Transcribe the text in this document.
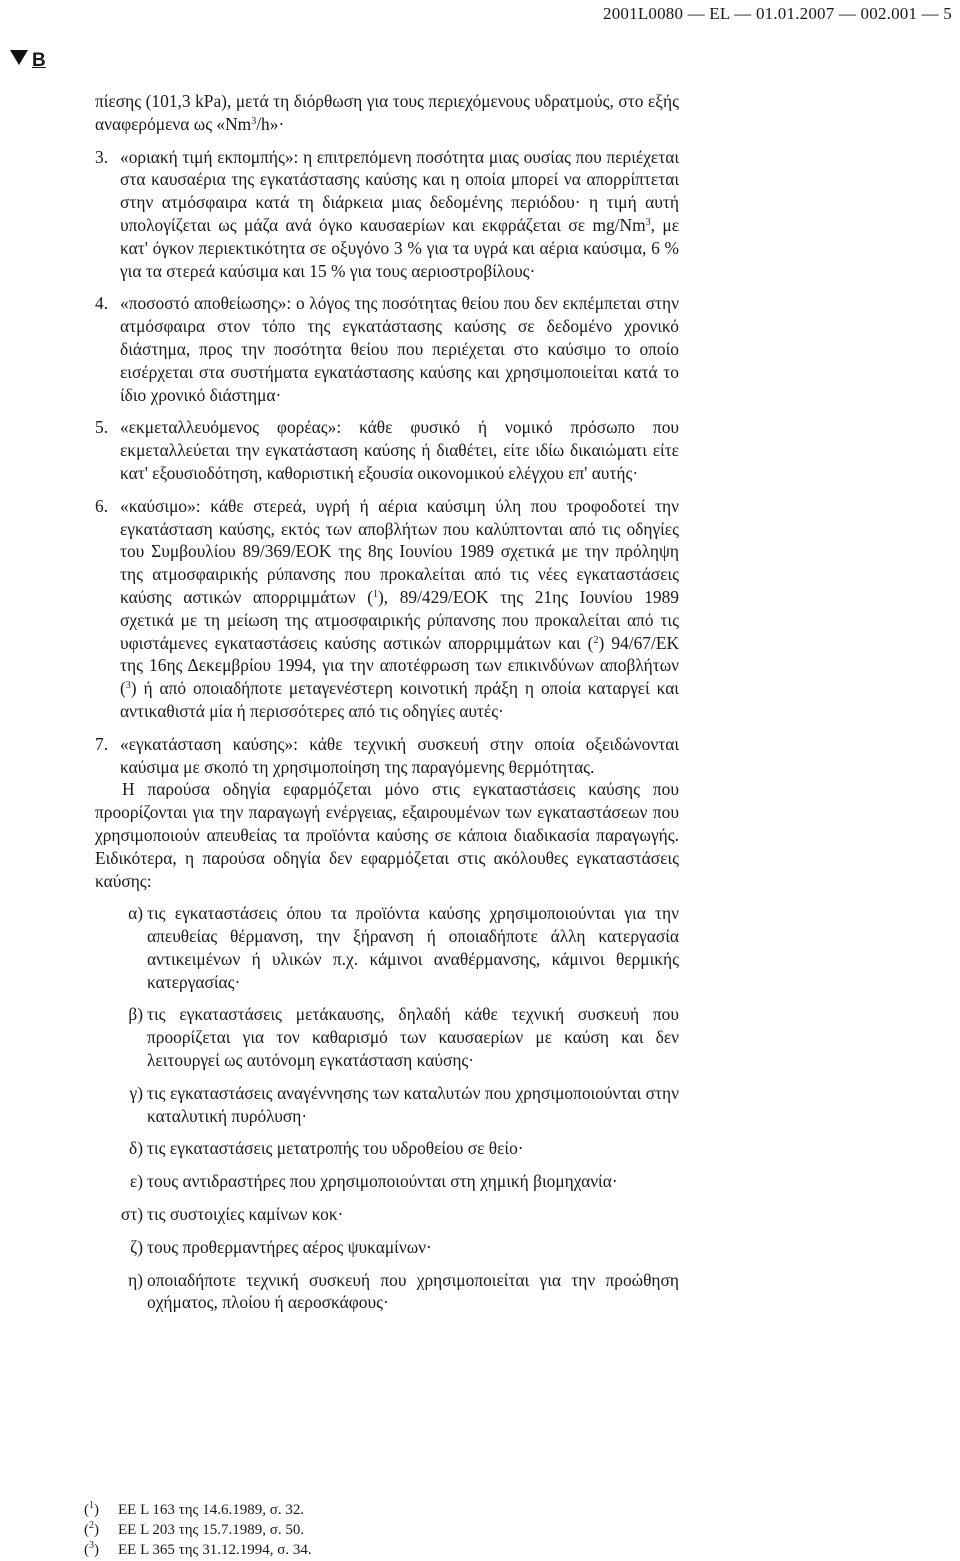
2001L0080 — EL — 01.01.2007 — 002.001 — 5
B

πίεσης (101,3 kPa), μετά τη διόρθωση για τους περιεχόμενους υδρατμούς, στο εξής αναφερόμενα ως «$Nm^3/h»\cdot$

3. «οριακή τιμή εκπομπής»: η επιτρεπόμενη ποσότητα μιας ουσίας που περιέχεται στα καυσαέρια της εγκατάστασης καύσης και η οποία μπορεί να απορρίπτεται στην ατμόσφαιρα κατά τη διάρκεια μιας δεδομένης περιόδου· η τιμή αυτή υπολογίζεται ως μάζα ανά όγκο καυσαερίων και εκφράζεται σε mg/Nm$^3$, με κατ' όγκον περιεκτικότητα σε οξυγόνο 3 % για τα υγρά και αέρια καύσιμα, 6 % για τα στερεά καύσιμα και 15 % για τους αεριοστροβίλους·
4. «ποσοστό αποθείωσης»: ο λόγος της ποσότητας θείου που δεν εκπέμπεται στην ατμόσφαιρα στον τόπο της εγκατάστασης καύσης σε δεδομένο χρονικό διάστημα, προς την ποσότητα θείου που περιέχεται στο καύσιμο το οποίο εισέρχεται στα συστήματα εγκατάστασης καύσης και χρησιμοποιείται κατά το ίδιο χρονικό διάστημα·
5. «εκμεταλλευόμενος φορέας»: κάθε φυσικό ή νομικό πρόσωπο που εκμεταλλεύεται την εγκατάσταση καύσης ή διαθέτει, είτε ιδίω δικαιώματι είτε κατ' εξουσιοδότηση, καθοριστική εξουσία οικονομικού ελέγχου επ' αυτής·
6. «καύσιμο»: κάθε στερεά, υγρή ή αέρια καύσιμη ύλη που τροφοδοτεί την εγκατάσταση καύσης, εκτός των αποβλήτων που καλύπτονται από τις οδηγίες του Συμβουλίου 89/369/ΕΟΚ της 8ης Ιουνίου 1989 σχετικά με την πρόληψη της ατμοσφαιρικής ρύπανσης που προκαλείται από τις νέες εγκαταστάσεις καύσης αστικών απορριμμάτων ($^1$), 89/429/ΕΟΚ της 21ης Ιουνίου 1989 σχετικά με τη μείωση της ατμοσφαιρικής ρύπανσης που προκαλείται από τις υφιστάμενες εγκαταστάσεις καύσης αστικών απορριμμάτων και ($^2$) 94/67/ΕΚ της 16ης Δεκεμβρίου 1994, για την αποτέφρωση των επικινδύνων αποβλήτων ($^3$) ή από οποιαδήποτε μεταγενέστερη κοινοτική πράξη η οποία καταργεί και αντικαθιστά μία ή περισσότερες από τις οδηγίες αυτές·
7. «εγκατάσταση καύσης»: κάθε τεχνική συσκευή στην οποία οξειδώνονται καύσιμα με σκοπό τη χρησιμοποίηση της παραγόμενης θερμότητας.

Η παρούσα οδηγία εφαρμόζεται μόνο στις εγκαταστάσεις καύσης που προορίζονται για την παραγωγή ενέργειας, εξαιρουμένων των εγκαταστάσεων που χρησιμοποιούν απευθείας τα προϊόντα καύσης σε κάποια διαδικασία παραγωγής. Ειδικότερα, η παρούσα οδηγία δεν εφαρμόζεται στις ακόλουθες εγκαταστάσεις καύσης:

α) τις εγκαταστάσεις όπου τα προϊόντα καύσης χρησιμοποιούνται για την απευθείας θέρμανση, την ξήρανση ή οποιαδήποτε άλλη κατεργασία αντικειμένων ή υλικών π.χ. κάμινοι αναθέρμανσης, κάμινοι θερμικής κατεργασίας·
β) τις εγκαταστάσεις μετάκαυσης, δηλαδή κάθε τεχνική συσκευή που προορίζεται για τον καθαρισμό των καυσαερίων με καύση και δεν λειτουργεί ως αυτόνομη εγκατάσταση καύσης·
γ) τις εγκαταστάσεις αναγέννησης των καταλυτών που χρησιμοποιούνται στην καταλυτική πυρόλυση·
δ) τις εγκαταστάσεις μετατροπής του υδροθείου σε θείο·
ε) τους αντιδραστήρες που χρησιμοποιούνται στη χημική βιομηχανία·
στ) τις συστοιχίες καμίνων κοκ·
ζ) τους προθερμαντήρες αέρος ψυκαμίνων·
η) οποιαδήποτε τεχνική συσκευή που χρησιμοποιείται για την προώθηση οχήματος, πλοίου ή αεροσκάφους·
($^1$) ΕΕ L 163 της 14.6.1989, σ. 32.
($^2$) ΕΕ L 203 της 15.7.1989, σ. 50.
($^3$) ΕΕ L 365 της 31.12.1994, σ. 34.
